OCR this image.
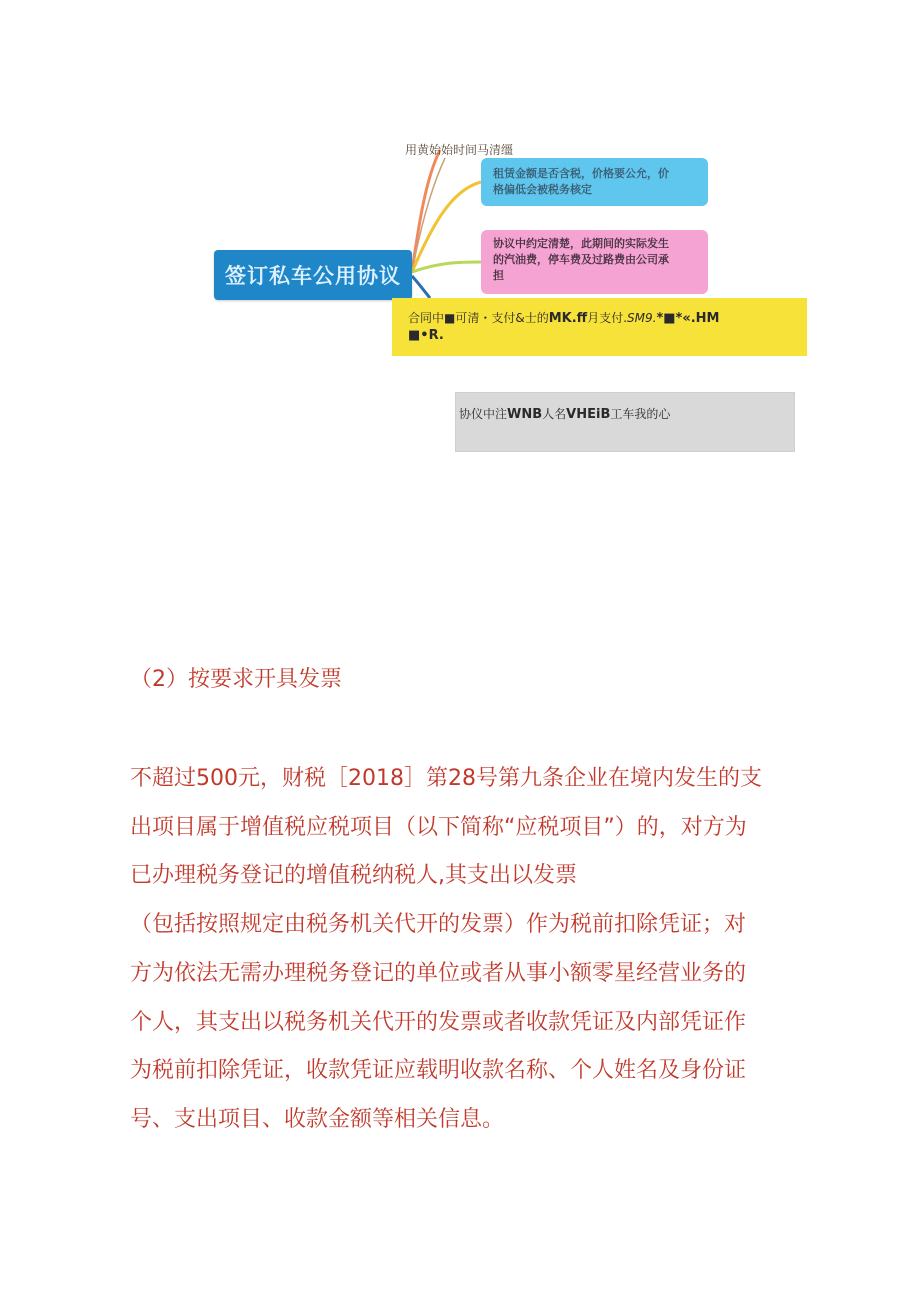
签订私车公用协议
用黄始始时间马清缰
租赁金额是否含税，价格要公允，价
格偏低会被税务核定
协议中约定清楚，此期间的实际发生
的汽油费，停车费及过路费由公司承
担
合同中■可清・支付&士的MK.ff月支付.SM9.*■*«.HM
■•R.
协仪中注WNB人名VHEiB工车我的心
（2）按要求开具发票
不超过500元，财税［2018］第28号第九条企业在境内发生的支
出项目属于增值税应税项目（以下简称“应税项目”）的，对方为
已办理税务登记的增值税纳税人,其支出以发票
（包括按照规定由税务机关代开的发票）作为税前扣除凭证；对
方为依法无需办理税务登记的单位或者从事小额零星经营业务的
个人，其支出以税务机关代开的发票或者收款凭证及内部凭证作
为税前扣除凭证，收款凭证应载明收款名称、个人姓名及身份证
号、支出项目、收款金额等相关信息。
